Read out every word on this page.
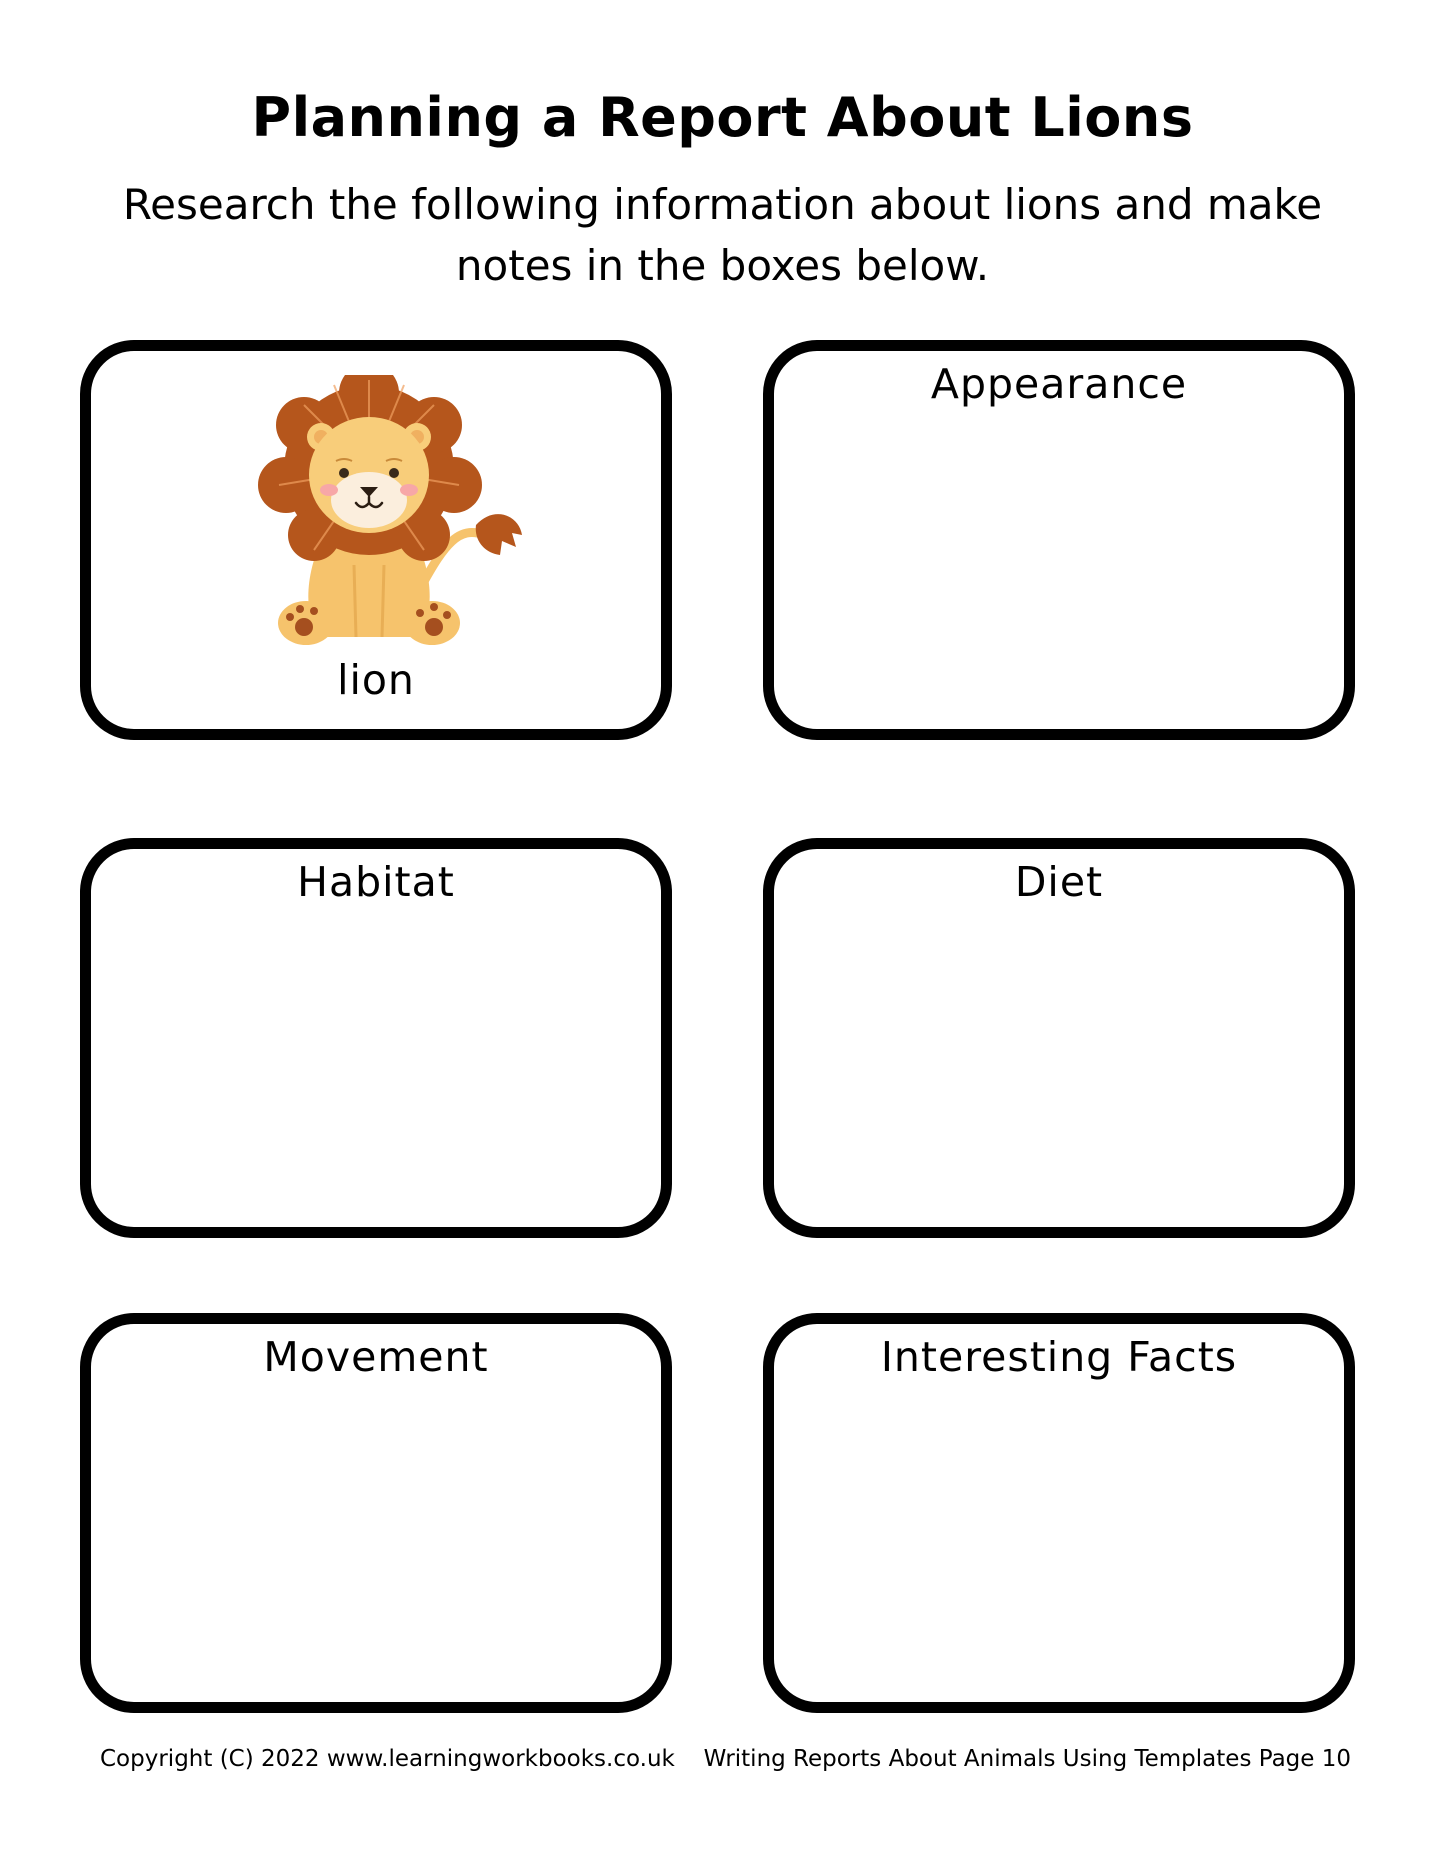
Planning a Report About Lions
Research the following information about lions and make notes in the boxes below.
lion
Appearance
Habitat	Diet
Movement	Interesting Facts
Copyright (C) 2022 www.learningworkbooks.co.uk Writing Reports About Animals Using Templates Page 10
